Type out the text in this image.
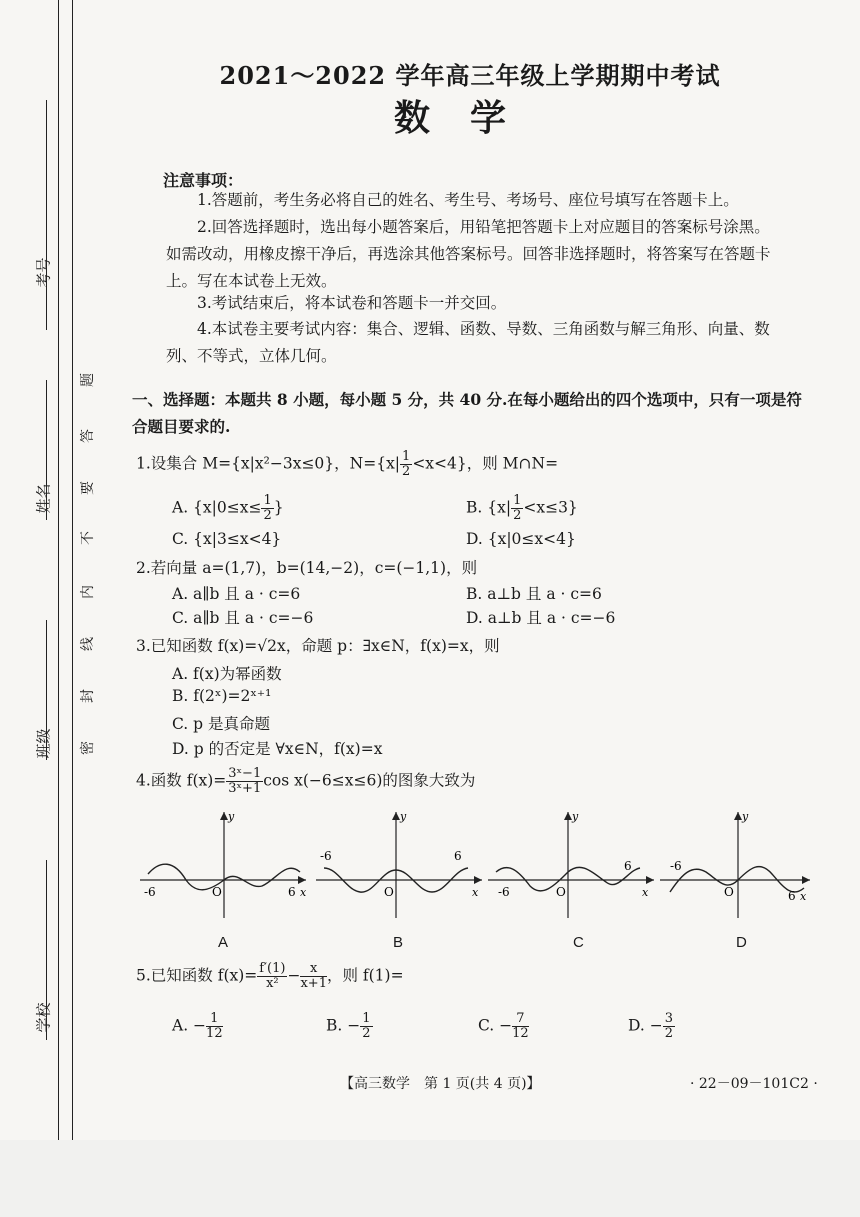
考号
姓名
班级
学校
题
答
要
不
内
线
封
密
2021～2022 学年高三年级上学期期中考试
数学
注意事项：
1.答题前，考生务必将自己的姓名、考生号、考场号、座位号填写在答题卡上。
2.回答选择题时，选出每小题答案后，用铅笔把答题卡上对应题目的答案标号涂黑。如需改动，用橡皮擦干净后，再选涂其他答案标号。回答非选择题时，将答案写在答题卡上。写在本试卷上无效。
3.考试结束后，将本试卷和答题卡一并交回。
4.本试卷主要考试内容：集合、逻辑、函数、导数、三角函数与解三角形、向量、数列、不等式，立体几何。
一、选择题：本题共 8 小题，每小题 5 分，共 40 分.在每小题给出的四个选项中，只有一项是符合题目要求的.
1.设集合 M={x|x²−3x≤0}，$N=\{x| \frac{1}{2} <x<4\}$，则 M∩N=
A. {$x|0\le x\le \frac{1}{2}$ }	B. $\{x| \frac{1}{2} <x\le 3\}$
C. {x|3≤x<4}	D. {x|0≤x<4}
2.若向量 a=(1,7)，b=(14,−2)，c=(−1,1)，则
A. a∥b 且 a · c=6	B. a⊥b 且 a · c=6
C. a∥b 且 a · c=−6	D. a⊥b 且 a · c=−6
3.已知函数 f(x)=√2x，命题 p：∃x∈N，f(x)=x，则
A. f(x)为幂函数
B. f(2ˣ)=2ˣ⁺¹
C. p 是真命题
D. p 的否定是 ∀x∈N，f(x)=x
4.函数 $f(x)= \frac{\text{3ˣ−1}}{\text{3ˣ+1}}$ cos x(−6≤x≤6)的图象大致为
-6	6
O	x
y
-6	6
O	x
y
-6
6
O	x
y
-6
6
O	x
y
A	B	C	D
5.已知函数 $f(x)= \frac{f'(1)}{\text{x²}} - \frac{x}{x+1}$ ，则 f(1)=
A. − $\frac{1}{12}$	B. − $\frac{1}{2}$	C. − $\frac{7}{12}$	D. − $\frac{3}{2}$
【高三数学　第 1 页(共 4 页)】	· 22－09－101C2 ·
